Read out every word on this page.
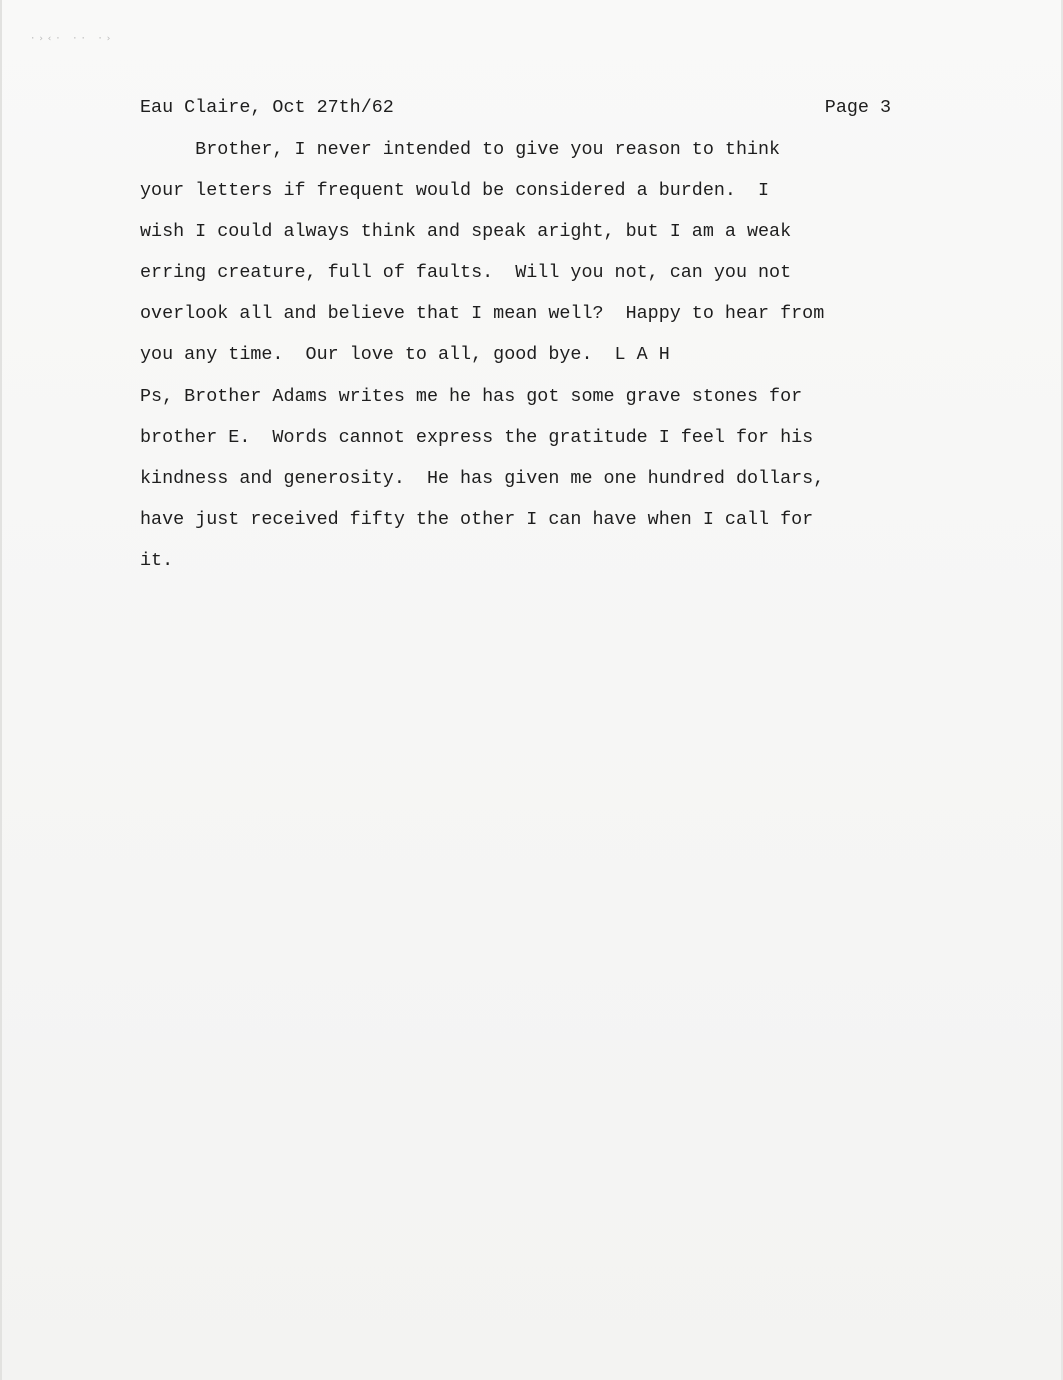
·›‹· ·· ·›
Eau Claire, Oct 27th/62	Page 3
Brother, I never intended to give you reason to think
your letters if frequent would be considered a burden.  I
wish I could always think and speak aright, but I am a weak
erring creature, full of faults.  Will you not, can you not
overlook all and believe that I mean well?  Happy to hear from
you any time.  Our love to all, good bye.  L A H
Ps, Brother Adams writes me he has got some grave stones for
brother E.  Words cannot express the gratitude I feel for his
kindness and generosity.  He has given me one hundred dollars,
have just received fifty the other I can have when I call for
it.
